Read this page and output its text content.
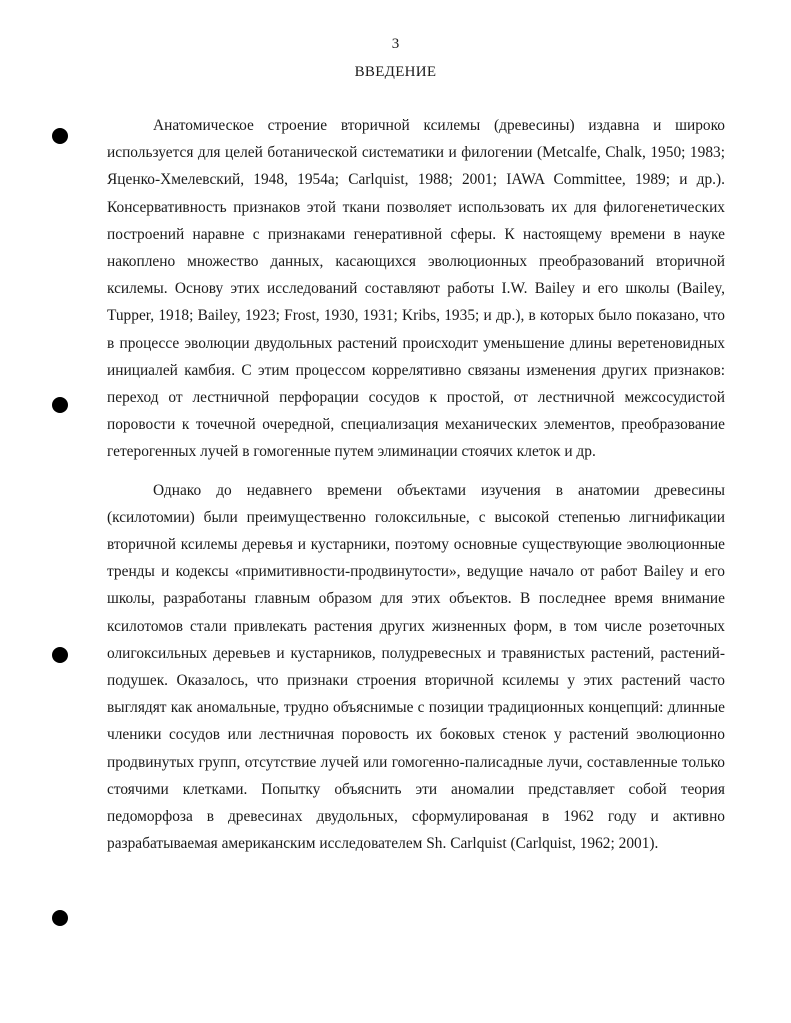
3
ВВЕДЕНИЕ

Анатомическое строение вторичной ксилемы (древесины) издавна и широко используется для целей ботанической систематики и филогении (Metcalfe, Chalk, 1950; 1983; Яценко-Хмелевский, 1948, 1954а; Carlquist, 1988; 2001; IAWA Committee, 1989; и др.). Консервативность признаков этой ткани позволяет использовать их для филогенетических построений наравне с признаками генеративной сферы. К настоящему времени в науке накоплено множество данных, касающихся эволюционных преобразований вторичной ксилемы. Основу этих исследований составляют работы I.W. Bailey и его школы (Bailey, Tupper, 1918; Bailey, 1923; Frost, 1930, 1931; Kribs, 1935; и др.), в которых было показано, что в процессе эволюции двудольных растений происходит уменьшение длины веретеновидных инициалей камбия. С этим процессом коррелятивно связаны изменения других признаков: переход от лестничной перфорации сосудов к простой, от лестничной межсосудистой поровости к точечной очередной, специализация механических элементов, преобразование гетерогенных лучей в гомогенные путем элиминации стоячих клеток и др.

Однако до недавнего времени объектами изучения в анатомии древесины (ксилотомии) были преимущественно голоксильные, с высокой степенью лигнификации вторичной ксилемы деревья и кустарники, поэтому основные существующие эволюционные тренды и кодексы «примитивности-продвинутости», ведущие начало от работ Bailey и его школы, разработаны главным образом для этих объектов. В последнее время внимание ксилотомов стали привлекать растения других жизненных форм, в том числе розеточных олигоксильных деревьев и кустарников, полудревесных и травянистых растений, растений-подушек. Оказалось, что признаки строения вторичной ксилемы у этих растений часто выглядят как аномальные, трудно объяснимые с позиции традиционных концепций: длинные членики сосудов или лестничная поровость их боковых стенок у растений эволюционно продвинутых групп, отсутствие лучей или гомогенно-палисадные лучи, составленные только стоячими клетками. Попытку объяснить эти аномалии представляет собой теория педоморфоза в древесинах двудольных, сформулированая в 1962 году и активно разрабатываемая американским исследователем Sh. Carlquist (Carlquist, 1962; 2001).
